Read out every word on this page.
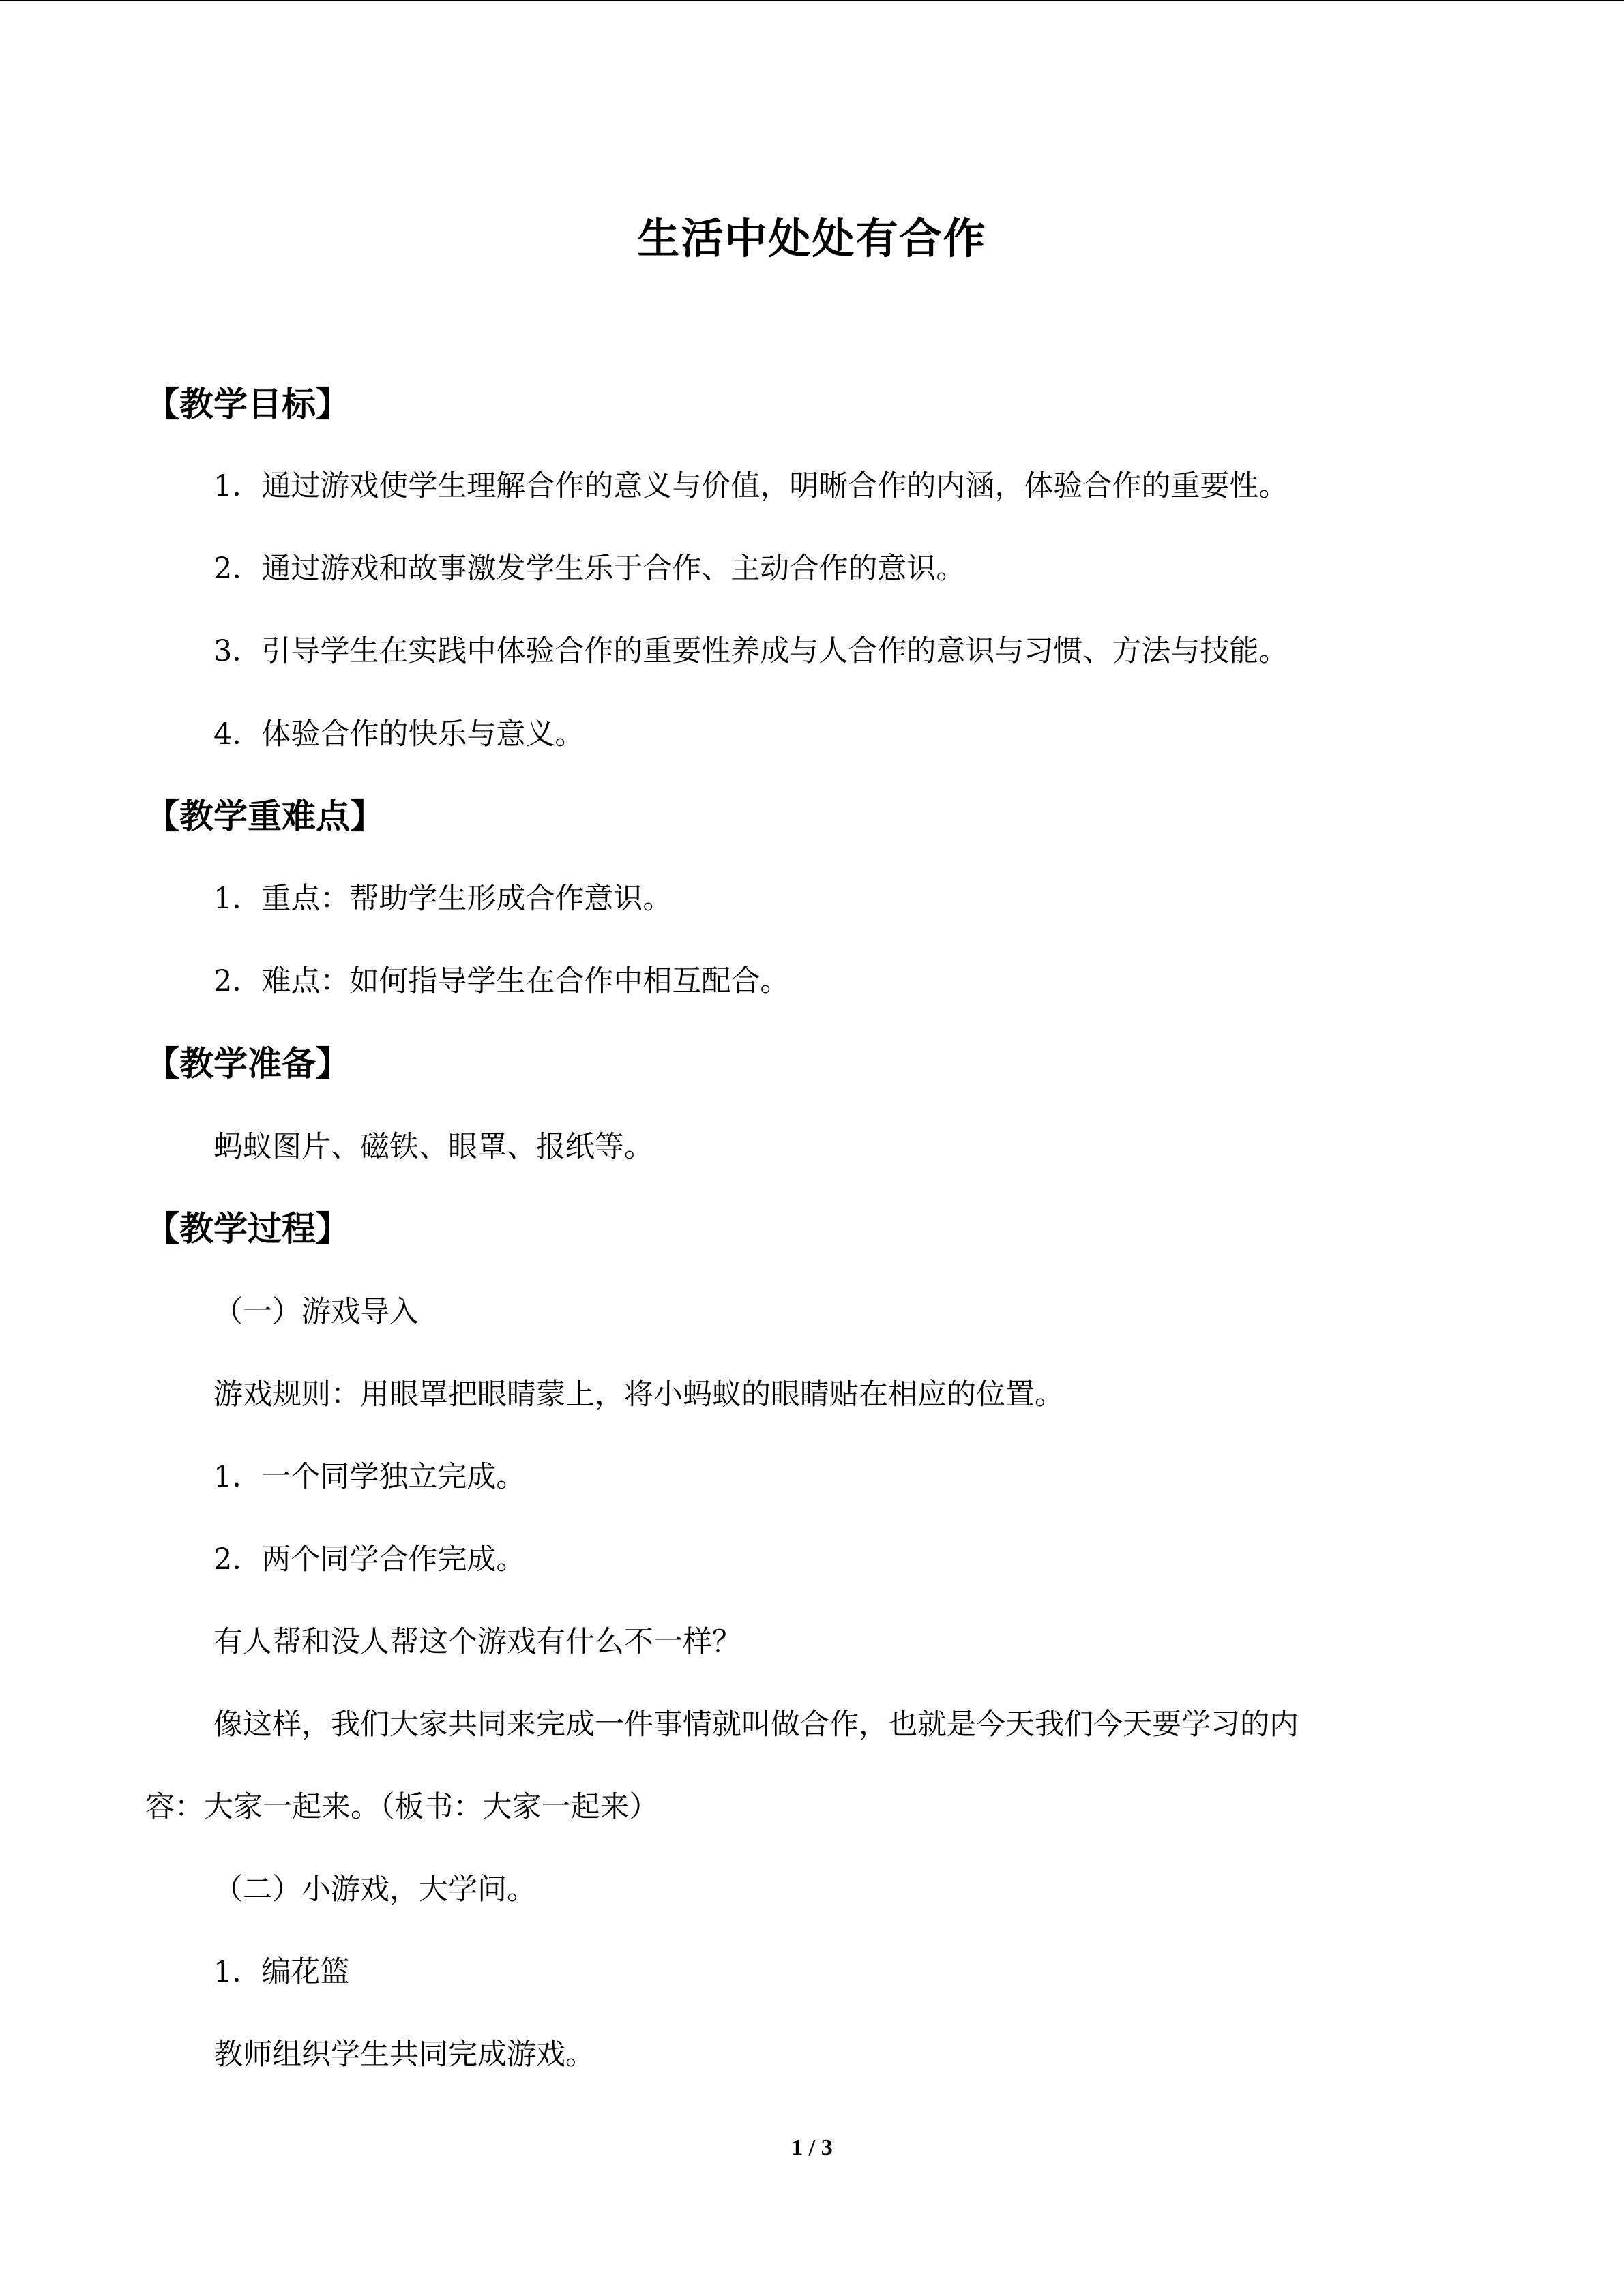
生活中处处有合作
【教学目标】
1．通过游戏使学生理解合作的意义与价值，明晰合作的内涵，体验合作的重要性。
2．通过游戏和故事激发学生乐于合作、主动合作的意识。
3．引导学生在实践中体验合作的重要性养成与人合作的意识与习惯、方法与技能。
4．体验合作的快乐与意义。
【教学重难点】
1．重点：帮助学生形成合作意识。
2．难点：如何指导学生在合作中相互配合。
【教学准备】
蚂蚁图片、磁铁、眼罩、报纸等。
【教学过程】
（一）游戏导入
游戏规则：用眼罩把眼睛蒙上，将小蚂蚁的眼睛贴在相应的位置。
1．一个同学独立完成。
2．两个同学合作完成。
有人帮和没人帮这个游戏有什么不一样？
像这样，我们大家共同来完成一件事情就叫做合作，也就是今天我们今天要学习的内
容：大家一起来。（板书：大家一起来）
（二）小游戏，大学问。
1．编花篮
教师组织学生共同完成游戏。
1 / 3
